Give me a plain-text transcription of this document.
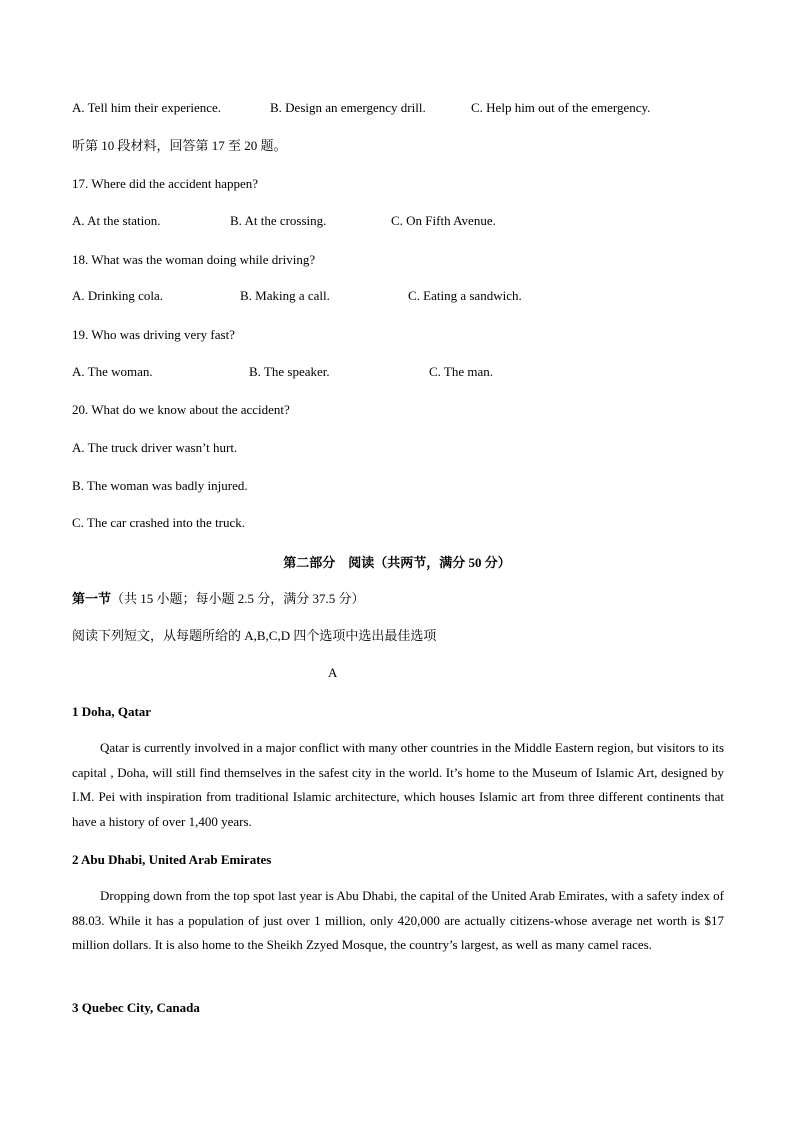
A. Tell him their experience.	B. Design an emergency drill.	C. Help him out of the emergency.
听第 10 段材料，回答第 17 至 20 题。
17. Where did the accident happen?
A. At the station.	B. At the crossing.	C. On Fifth Avenue.
18. What was the woman doing while driving?
A. Drinking cola.	B. Making a call.	C. Eating a sandwich.
19. Who was driving very fast?
A. The woman.	B. The speaker.	C. The man.
20. What do we know about the accident?
A. The truck driver wasn’t hurt.
B. The woman was badly injured.
C. The car crashed into the truck.
第二部分　阅读（共两节，满分 50 分）
第一节（共 15 小题；每小题 2.5 分，满分 37.5 分）
阅读下列短文，从每题所给的 A,B,C,D 四个选项中选出最佳选项
A
1 Doha, Qatar
Qatar is currently involved in a major conflict with many other countries in the Middle Eastern region, but visitors to its capital , Doha, will still find themselves in the safest city in the world. It’s home to the Museum of Islamic Art, designed by I.M. Pei with inspiration from traditional Islamic architecture, which houses Islamic art from three different continents that have a history of over 1,400 years.
2 Abu Dhabi, United Arab Emirates
Dropping down from the top spot last year is Abu Dhabi, the capital of the United Arab Emirates, with a safety index of 88.03. While it has a population of just over 1 million, only 420,000 are actually citizens-whose average net worth is $17 million dollars. It is also home to the Sheikh Zzyed Mosque, the country’s largest, as well as many camel races.
3 Quebec City, Canada
